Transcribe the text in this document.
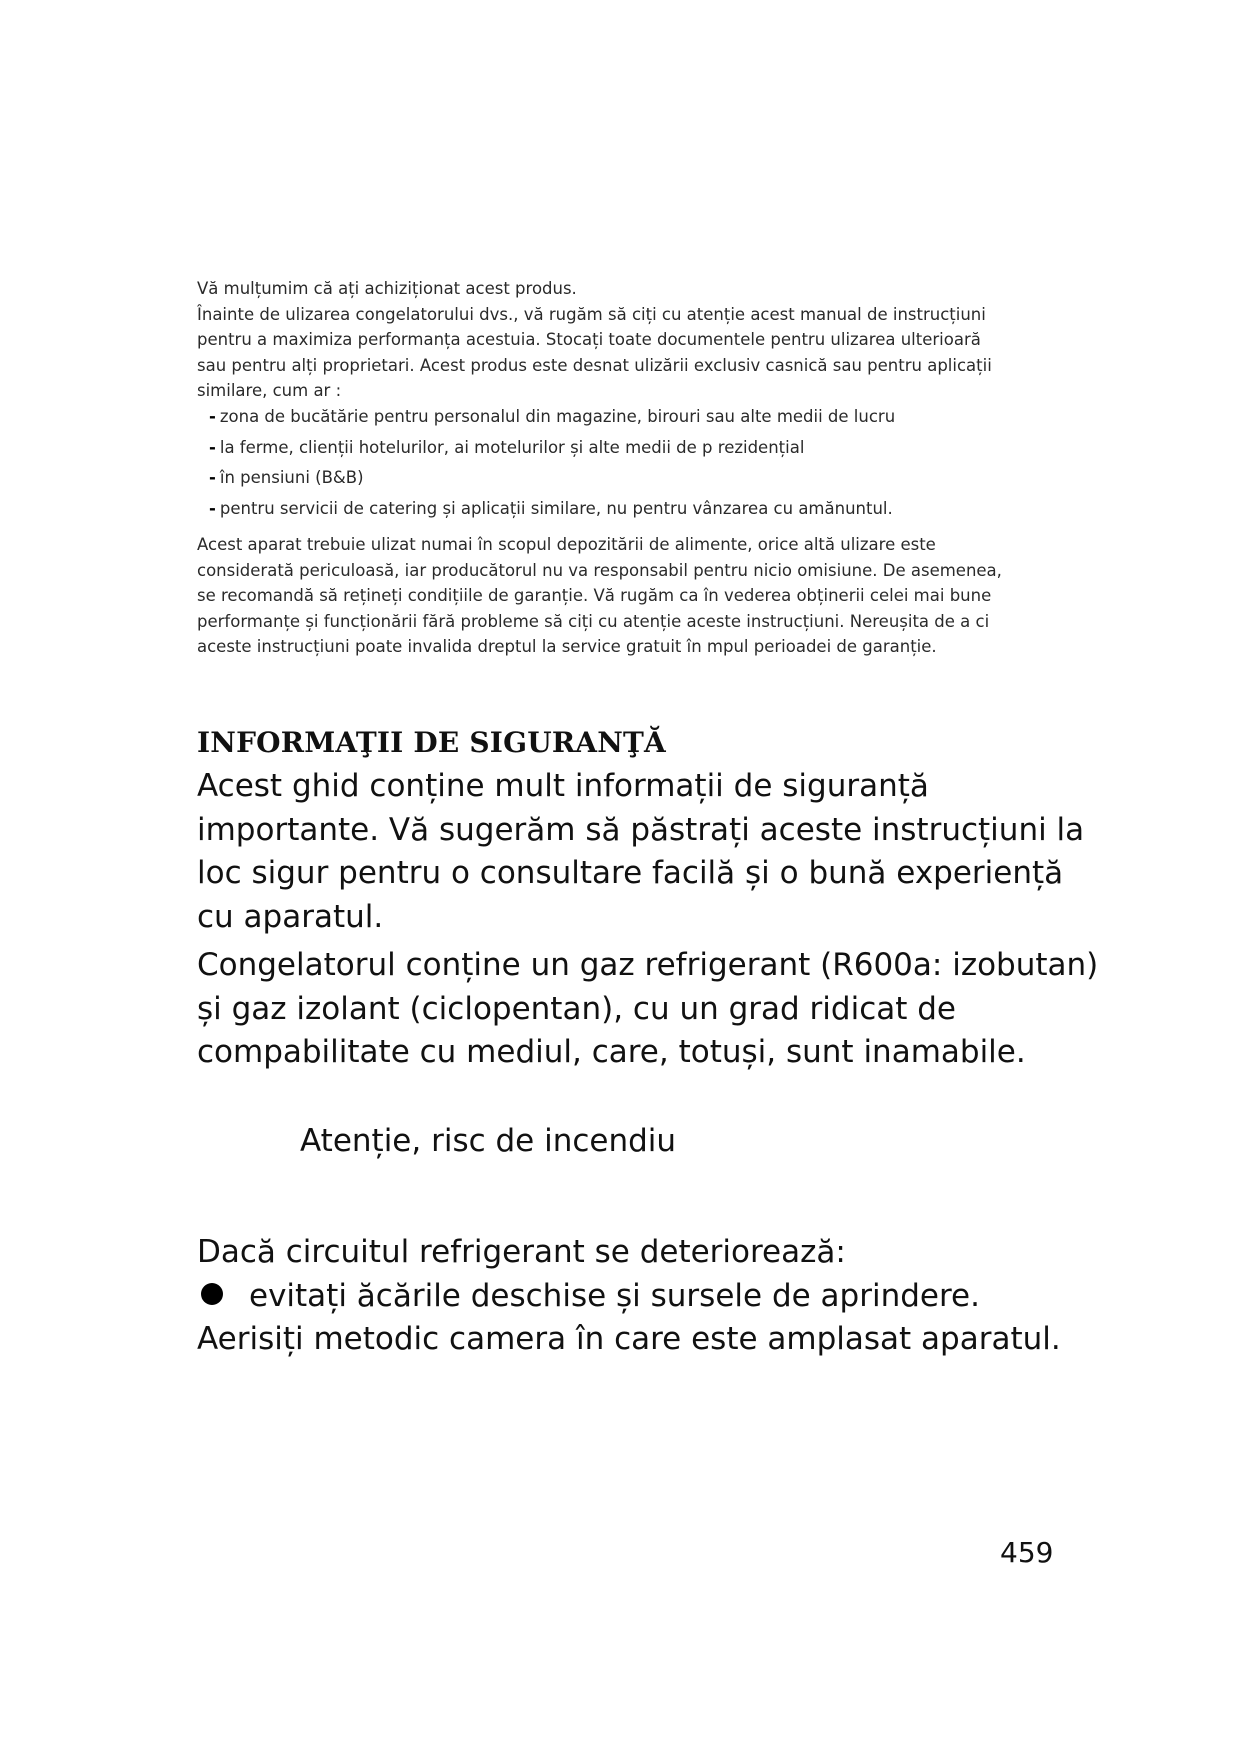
Vă mulțumim că ați achiziționat acest produs.
Înainte de ulizarea congelatorului dvs., vă rugăm să ciți cu atenție acest manual de instrucțiuni
pentru a maximiza performanța acestuia. Stocați toate documentele pentru ulizarea ulterioară
sau pentru alți proprietari. Acest produs este desnat ulizării exclusiv casnică sau pentru aplicații
similare, cum ar :
- zona de bucătărie pentru personalul din magazine, birouri sau alte medii de lucru
- la ferme, clienții hotelurilor, ai motelurilor și alte medii de p rezidențial
- în pensiuni (B&B)
- pentru servicii de catering și aplicații similare, nu pentru vânzarea cu amănuntul.
Acest aparat trebuie ulizat numai în scopul depozitării de alimente, orice altă ulizare este
considerată periculoasă, iar producătorul nu va responsabil pentru nicio omisiune. De asemenea,
se recomandă să rețineți condițiile de garanție. Vă rugăm ca în vederea obținerii celei mai bune
performanțe și funcționării fără probleme să ciți cu atenție aceste instrucțiuni. Nereușita de a ci
aceste instrucțiuni poate invalida dreptul la service gratuit în mpul perioadei de garanție.
INFORMAŢII DE SIGURANŢĂ
Acest ghid conține mult informații de siguranță
importante. Vă sugerăm să păstrați aceste instrucțiuni la
loc sigur pentru o consultare facilă și o bună experiență
cu aparatul.
Congelatorul conține un gaz refrigerant (R600a: izobutan)
și gaz izolant (ciclopentan), cu un grad ridicat de
compabilitate cu mediul, care, totuși, sunt inamabile.
Atenție, risc de incendiu
Dacă circuitul refrigerant se deteriorează:
evitați ăcările deschise și sursele de aprindere.
Aerisiți metodic camera în care este amplasat aparatul.
459
